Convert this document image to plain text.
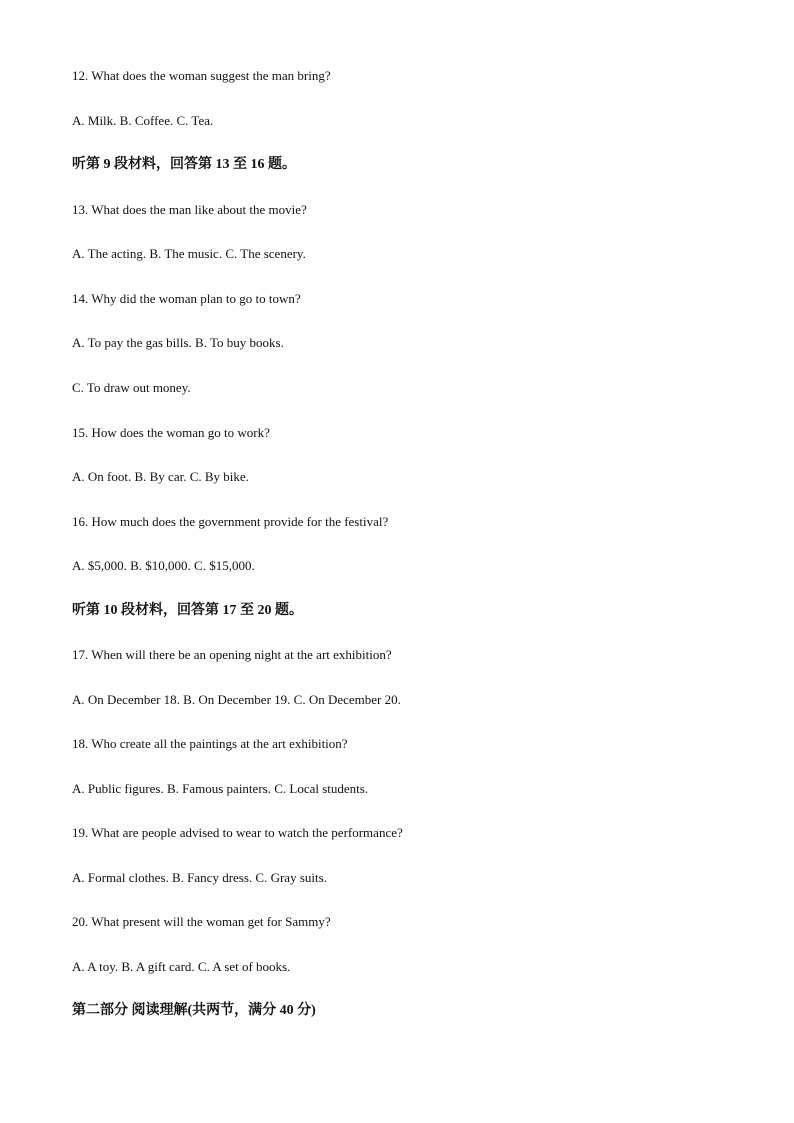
12. What does the woman suggest the man bring?
A. Milk. B. Coffee. C. Tea.
听第 9 段材料，回答第 13 至 16 题。
13. What does the man like about the movie?
A. The acting. B. The music. C. The scenery.
14. Why did the woman plan to go to town?
A. To pay the gas bills. B. To buy books.
C. To draw out money.
15. How does the woman go to work?
A. On foot. B. By car. C. By bike.
16. How much does the government provide for the festival?
A. $5,000. B. $10,000. C. $15,000.
听第 10 段材料，回答第 17 至 20 题。
17. When will there be an opening night at the art exhibition?
A. On December 18. B. On December 19. C. On December 20.
18. Who create all the paintings at the art exhibition?
A. Public figures. B. Famous painters. C. Local students.
19. What are people advised to wear to watch the performance?
A. Formal clothes. B. Fancy dress. C. Gray suits.
20. What present will the woman get for Sammy?
A. A toy. B. A gift card. C. A set of books.
第二部分 阅读理解(共两节，满分 40 分)
